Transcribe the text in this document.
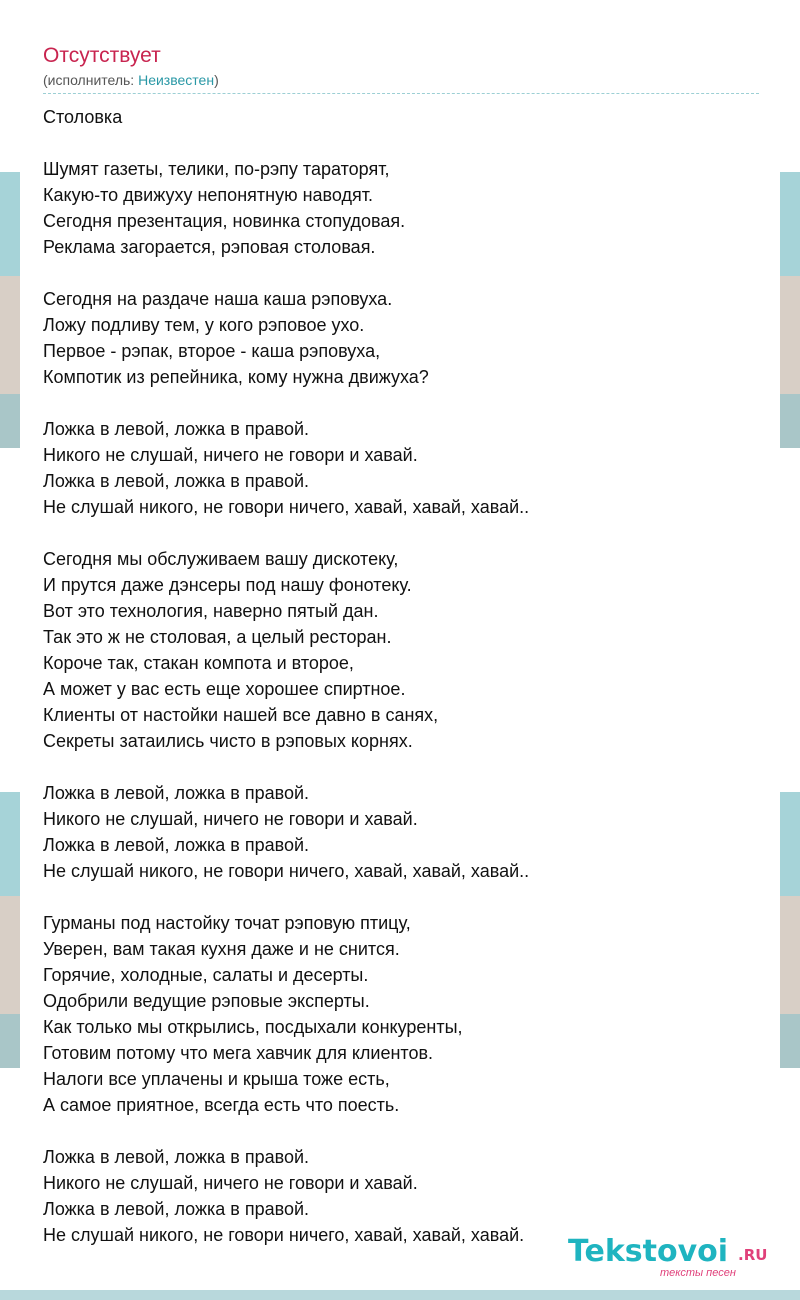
Отсутствует
(исполнитель: Неизвестен)
Столовка
Шумят газеты, телики, по-рэпу тараторят,
Какую-то движуху непонятную наводят.
Сегодня презентация, новинка стопудовая.
Реклама загорается, рэповая столовая.
Сегодня на раздаче наша каша рэповуха.
Ложу подливу тем, у кого рэповое ухо.
Первое - рэпак, второе - каша рэповуха,
Компотик из репейника, кому нужна движуха?
Ложка в левой, ложка в правой.
Никого не слушай, ничего не говори и хавай.
Ложка в левой, ложка в правой.
Не слушай никого, не говори ничего, хавай, хавай, хавай..
Сегодня мы обслуживаем вашу дискотеку,
И прутся даже дэнсеры под нашу фонотеку.
Вот это технология, наверно пятый дан.
Так это ж не столовая, а целый ресторан.
Короче так, стакан компота и второе,
А может у вас есть еще хорошее спиртное.
Клиенты от настойки нашей все давно в санях,
Секреты затаились чисто в рэповых корнях.
Ложка в левой, ложка в правой.
Никого не слушай, ничего не говори и хавай.
Ложка в левой, ложка в правой.
Не слушай никого, не говори ничего, хавай, хавай, хавай..
Гурманы под настойку точат рэповую птицу,
Уверен, вам такая кухня даже и не снится.
Горячие, холодные, салаты и десерты.
Одобрили ведущие рэповые эксперты.
Как только мы открылись, посдыхали конкуренты,
Готовим потому что мега хавчик для клиентов.
Налоги все уплачены и крыша тоже есть,
А самое приятное, всегда есть что поесть.
Ложка в левой, ложка в правой.
Никого не слушай, ничего не говори и хавай.
Ложка в левой, ложка в правой.
Не слушай никого, не говори ничего, хавай, хавай, хавай.	Tekstovoi .RU
тексты песен
